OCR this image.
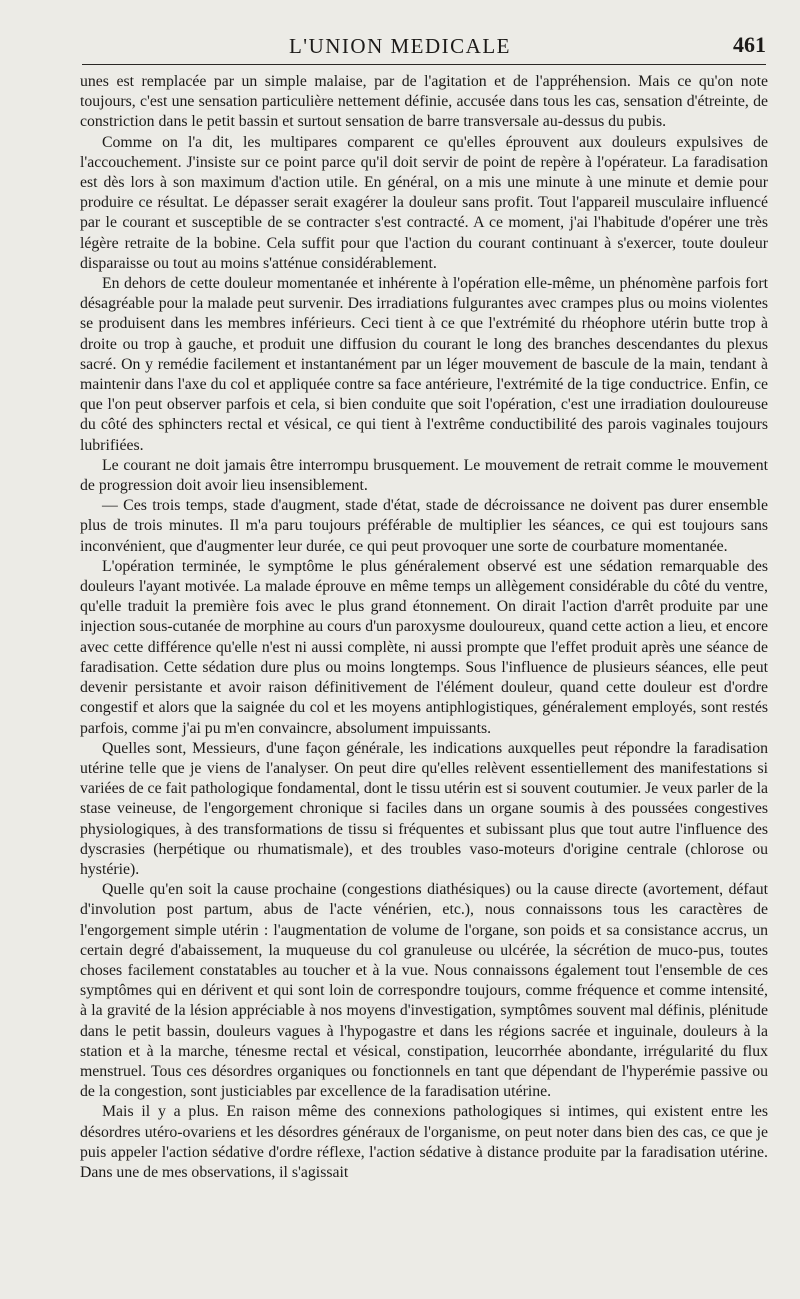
L'UNION MEDICALE	461

unes est remplacée par un simple malaise, par de l'agitation et de l'appréhension. Mais ce qu'on note toujours, c'est une sensation particulière nettement définie, accusée dans tous les cas, sensation d'étreinte, de constriction dans le petit bassin et surtout sensation de barre transversale au-dessus du pubis.

Comme on l'a dit, les multipares comparent ce qu'elles éprouvent aux douleurs expulsives de l'accouchement. J'insiste sur ce point parce qu'il doit servir de point de repère à l'opérateur. La faradisation est dès lors à son maximum d'action utile. En général, on a mis une minute à une minute et demie pour produire ce résultat. Le dépasser serait exagérer la douleur sans profit. Tout l'appareil musculaire influencé par le courant et susceptible de se contracter s'est contracté. A ce moment, j'ai l'habitude d'opérer une très légère retraite de la bobine. Cela suffit pour que l'action du courant continuant à s'exercer, toute douleur disparaisse ou tout au moins s'atténue considérablement.

En dehors de cette douleur momentanée et inhérente à l'opération elle-même, un phénomène parfois fort désagréable pour la malade peut survenir. Des irradiations fulgurantes avec crampes plus ou moins violentes se produisent dans les membres inférieurs. Ceci tient à ce que l'extrémité du rhéophore utérin butte trop à droite ou trop à gauche, et produit une diffusion du courant le long des branches descendantes du plexus sacré. On y remédie facilement et instantanément par un léger mouvement de bascule de la main, tendant à maintenir dans l'axe du col et appliquée contre sa face antérieure, l'extrémité de la tige conductrice. Enfin, ce que l'on peut observer parfois et cela, si bien conduite que soit l'opération, c'est une irradiation douloureuse du côté des sphincters rectal et vésical, ce qui tient à l'extrême conductibilité des parois vaginales toujours lubrifiées.

Le courant ne doit jamais être interrompu brusquement. Le mouvement de retrait comme le mouvement de progression doit avoir lieu insensiblement.

— Ces trois temps, stade d'augment, stade d'état, stade de décroissance ne doivent pas durer ensemble plus de trois minutes. Il m'a paru toujours préférable de multiplier les séances, ce qui est toujours sans inconvénient, que d'augmenter leur durée, ce qui peut provoquer une sorte de courbature momentanée.

L'opération terminée, le symptôme le plus généralement observé est une sédation remarquable des douleurs l'ayant motivée. La malade éprouve en même temps un allègement considérable du côté du ventre, qu'elle traduit la première fois avec le plus grand étonnement. On dirait l'action d'arrêt produite par une injection sous-cutanée de morphine au cours d'un paroxysme douloureux, quand cette action a lieu, et encore avec cette différence qu'elle n'est ni aussi complète, ni aussi prompte que l'effet produit après une séance de faradisation. Cette sédation dure plus ou moins longtemps. Sous l'influence de plusieurs séances, elle peut devenir persistante et avoir raison définitivement de l'élément douleur, quand cette douleur est d'ordre congestif et alors que la saignée du col et les moyens antiphlogistiques, généralement employés, sont restés parfois, comme j'ai pu m'en convaincre, absolument impuissants.

Quelles sont, Messieurs, d'une façon générale, les indications auxquelles peut répondre la faradisation utérine telle que je viens de l'analyser. On peut dire qu'elles relèvent essentiellement des manifestations si variées de ce fait pathologique fondamental, dont le tissu utérin est si souvent coutumier. Je veux parler de la stase veineuse, de l'engorgement chronique si faciles dans un organe soumis à des poussées congestives physiologiques, à des transformations de tissu si fréquentes et subissant plus que tout autre l'influence des dyscrasies (herpétique ou rhumatismale), et des troubles vaso-moteurs d'origine centrale (chlorose ou hystérie).

Quelle qu'en soit la cause prochaine (congestions diathésiques) ou la cause directe (avortement, défaut d'involution post partum, abus de l'acte vénérien, etc.), nous connaissons tous les caractères de l'engorgement simple utérin : l'augmentation de volume de l'organe, son poids et sa consistance accrus, un certain degré d'abaissement, la muqueuse du col granuleuse ou ulcérée, la sécrétion de muco-pus, toutes choses facilement constatables au toucher et à la vue. Nous connaissons également tout l'ensemble de ces symptômes qui en dérivent et qui sont loin de correspondre toujours, comme fréquence et comme intensité, à la gravité de la lésion appréciable à nos moyens d'investigation, symptômes souvent mal définis, plénitude dans le petit bassin, douleurs vagues à l'hypogastre et dans les régions sacrée et inguinale, douleurs à la station et à la marche, ténesme rectal et vésical, constipation, leucorrhée abondante, irrégularité du flux menstruel. Tous ces désordres organiques ou fonctionnels en tant que dépendant de l'hyperémie passive ou de la congestion, sont justiciables par excellence de la faradisation utérine.

Mais il y a plus. En raison même des connexions pathologiques si intimes, qui existent entre les désordres utéro-ovariens et les désordres généraux de l'organisme, on peut noter dans bien des cas, ce que je puis appeler l'action sédative d'ordre réflexe, l'action sédative à distance produite par la faradisation utérine. Dans une de mes observations, il s'agissait
